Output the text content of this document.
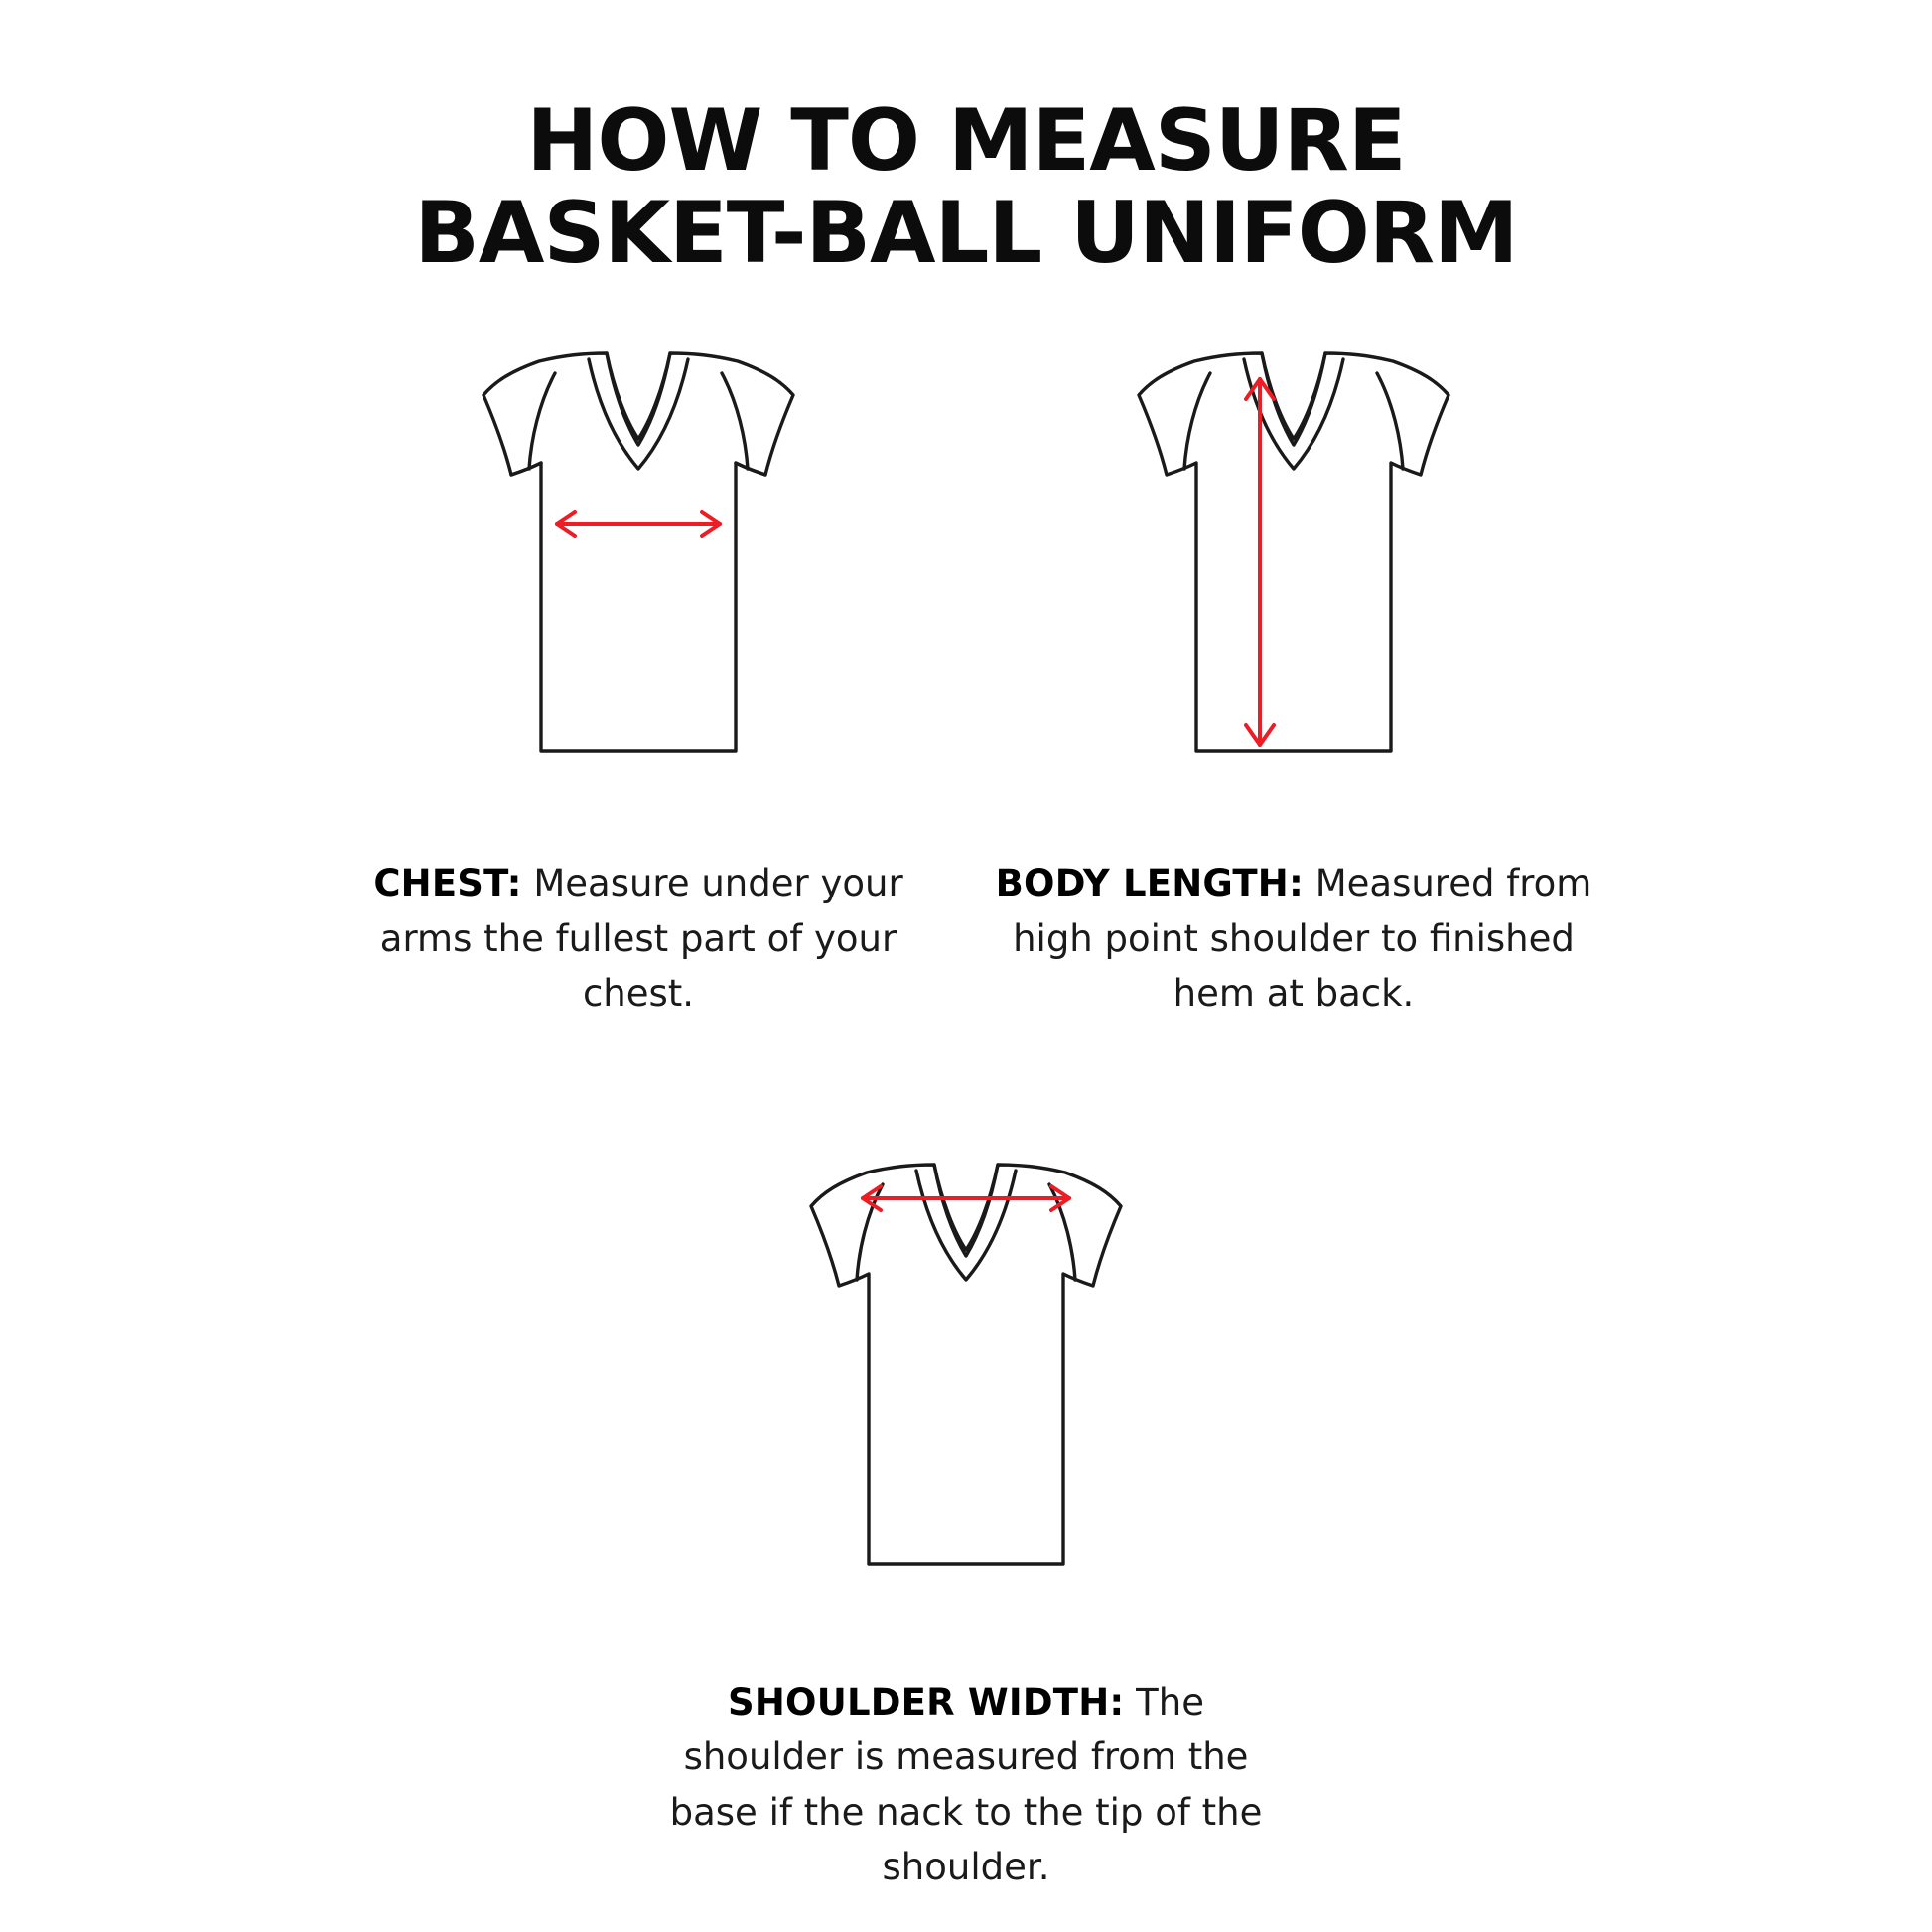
HOW TO MEASURE
BASKET-BALL UNIFORM
CHEST: Measure under your arms the fullest part of your chest.
BODY LENGTH: Measured from high point shoulder to finished hem at back.
SHOULDER WIDTH: The shoulder is measured from the base if the nack to the tip of the shoulder.
